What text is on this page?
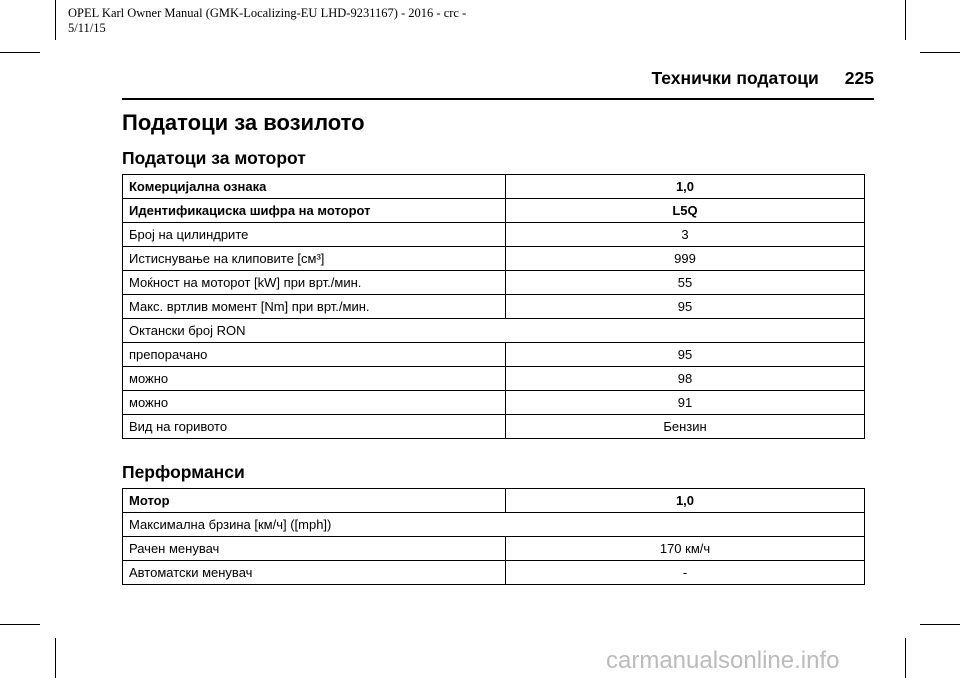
OPEL Karl Owner Manual (GMK-Localizing-EU LHD-9231167) - 2016 - crc -
5/11/15
Технички податоци 225
Податоци за возилото
Податоци за моторот
Комерцијална ознака	1,0
Идентификациска шифра на моторот	L5Q
Број на цилиндрите	3
Истиснување на клиповите [см³]	999
Моќност на моторот [kW] при врт./мин.	55
Макс. вртлив момент [Nm] при врт./мин.	95
Октански број RON	
препорачано	95
можно	98
можно	91
Вид на горивото	Бензин
Перформанси
Мотор	1,0
Максимална брзина [км/ч] ([mph])	
Рачен менувач	170 км/ч
Автоматски менувач	-
carmanualsonline.info
